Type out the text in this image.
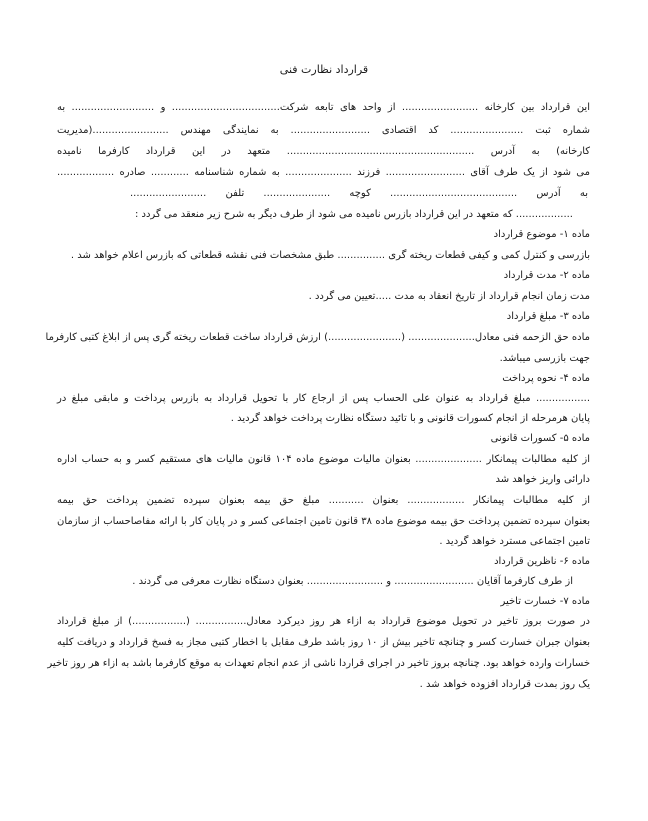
قرارداد نظارت فنی
این قرارداد بین کارخانه ........................ از واحد های تابعه شرکت.................................. و .......................... به
شماره ثبت ....................... کد اقتصادی ......................... به نمایندگی مهندس ........................(مدیریت
کارخانه) به آدرس ........................................................... متعهد در این قرارداد کارفرما نامیده
می شود از یک طرف آقای ......................... فرزند ..................... به شماره شناسنامه ............ صادره ..................
به آدرس ........................................ کوچه ..................... تلفن ........................
.................. که متعهد در این قرارداد بازرس نامیده می شود از طرف دیگر به شرح زیر منعقد می گردد :
ماده ۱- موضوع قرارداد
بازرسی و کنترل کمی و کیفی قطعات ریخته گری ............... طبق مشخصات فنی نقشه قطعاتی که بازرس اعلام خواهد شد .
ماده ۲- مدت قرارداد
مدت زمان انجام قرارداد از تاریخ انعقاد به مدت .....تعیین می گردد .
ماده ۳- مبلغ قرارداد
ماده حق الزحمه فنی معادل..................... (.......................) ارزش قرارداد ساخت قطعات ریخته گری پس از ابلاغ کتبی کارفرما
جهت بازرسی میباشد.
ماده ۴- نحوه پرداخت
................. مبلغ قرارداد به عنوان علی الحساب پس از ارجاع کار با تحویل قرارداد به بازرس پرداخت و مابقی مبلغ در
پایان هرمرحله از انجام کسورات قانونی و با تائید دستگاه نظارت پرداخت خواهد گردید .
ماده ۵- کسورات قانونی
از کلیه مطالبات پیمانکار ..................... بعنوان مالیات موضوع ماده ۱۰۴ قانون مالیات های مستقیم کسر و به حساب اداره
دارائی واریز خواهد شد
از کلیه مطالبات پیمانکار .................. بعنوان ........... مبلغ حق بیمه بعنوان سپرده تضمین پرداخت حق بیمه
بعنوان سپرده تضمین پرداخت حق بیمه موضوع ماده ۳۸ قانون تامین اجتماعی کسر و در پایان کار با ارائه مفاصاحساب از سازمان
تامین اجتماعی مسترد خواهد گردید .
ماده ۶- ناظرین قرارداد
از طرف کارفرما آقایان ......................... و ........................ بعنوان دستگاه نظارت معرفی می گردند .
ماده ۷- خسارت تاخیر
در صورت بروز تاخیر در تحویل موضوع قرارداد به ازاء هر روز دیرکرد معادل................ (.................) از مبلغ قرارداد
بعنوان جبران خسارت کسر و چنانچه تاخیر بیش از ۱۰ روز باشد طرف مقابل با اخطار کتبی مجاز به فسخ قرارداد و دریافت کلیه
خسارات وارده خواهد بود. چنانچه بروز تاخیر در اجرای قراردا ناشی از عدم انجام تعهدات به موقع کارفرما باشد به ازاء هر روز تاخیر
یک روز بمدت قرارداد افزوده خواهد شد .
